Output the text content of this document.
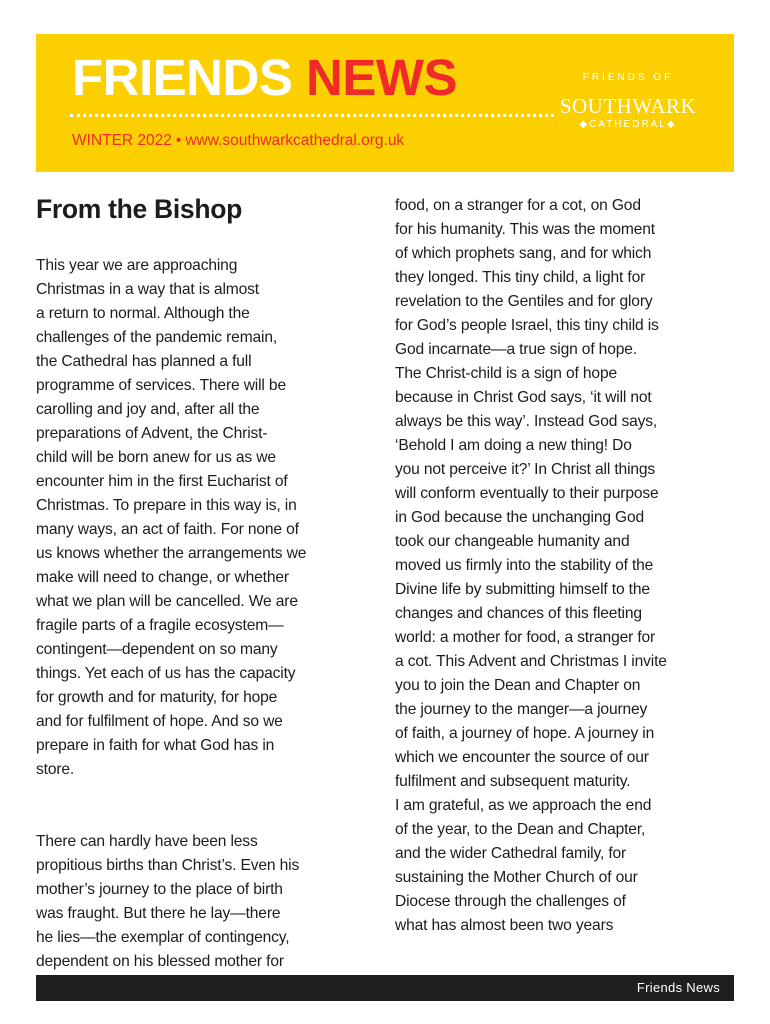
FRIENDS NEWS
WINTER 2022 • www.southwarkcathedral.org.uk
FRIENDS OF
SOUTHWARK
◆CATHEDRAL◆
From the Bishop

This year we are approaching
Christmas in a way that is almost
a return to normal. Although the
challenges of the pandemic remain,
the Cathedral has planned a full
programme of services. There will be
carolling and joy and, after all the
preparations of Advent, the Christ-
child will be born anew for us as we
encounter him in the first Eucharist of
Christmas. To prepare in this way is, in
many ways, an act of faith. For none of
us knows whether the arrangements we
make will need to change, or whether
what we plan will be cancelled. We are
fragile parts of a fragile ecosystem—
contingent—dependent on so many
things. Yet each of us has the capacity
for growth and for maturity, for hope
and for fulfilment of hope. And so we
prepare in faith for what God has in
store.

There can hardly have been less
propitious births than Christ’s. Even his
mother’s journey to the place of birth
was fraught. But there he lay—there
he lies—the exemplar of contingency,
dependent on his blessed mother for

food, on a stranger for a cot, on God
for his humanity. This was the moment
of which prophets sang, and for which
they longed. This tiny child, a light for
revelation to the Gentiles and for glory
for God’s people Israel, this tiny child is
God incarnate—a true sign of hope.
The Christ-child is a sign of hope
because in Christ God says, ‘it will not
always be this way’. Instead God says,
‘Behold I am doing a new thing! Do
you not perceive it?’ In Christ all things
will conform eventually to their purpose
in God because the unchanging God
took our changeable humanity and
moved us firmly into the stability of the
Divine life by submitting himself to the
changes and chances of this fleeting
world: a mother for food, a stranger for
a cot. This Advent and Christmas I invite
you to join the Dean and Chapter on
the journey to the manger—a journey
of faith, a journey of hope. A journey in
which we encounter the source of our
fulfilment and subsequent maturity.
I am grateful, as we approach the end
of the year, to the Dean and Chapter,
and the wider Cathedral family, for
sustaining the Mother Church of our
Diocese through the challenges of
what has almost been two years

Friends News
